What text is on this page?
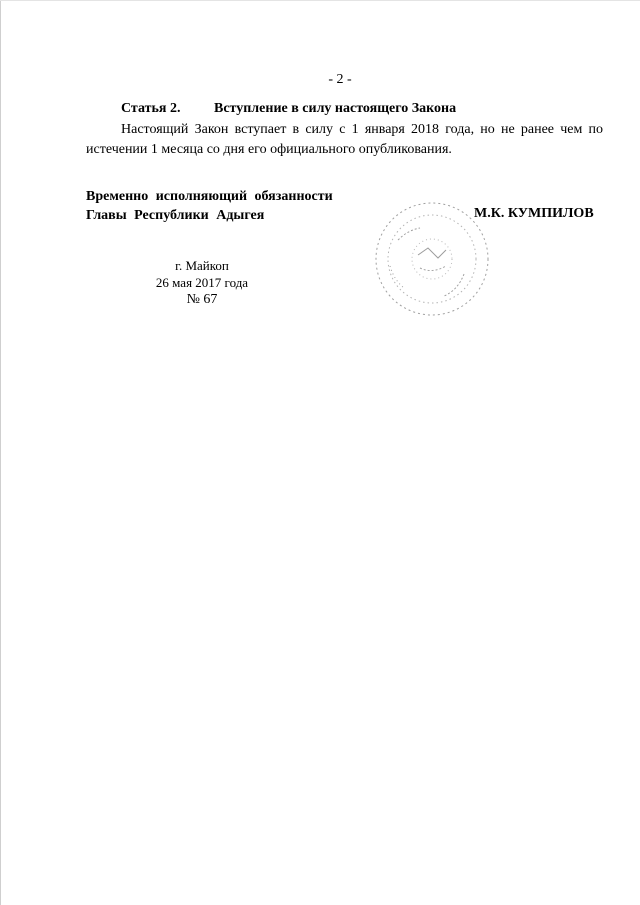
- 2 -
Статья 2. Вступление в силу настоящего Закона
Настоящий Закон вступает в силу с 1 января 2018 года, но не ранее чем по истечении 1 месяца со дня его официального опубликования.
Временно исполняющий обязанности
Главы Республики Адыгея	М.К. КУМПИЛОВ
г. Майкоп
26 мая 2017 года
№ 67
